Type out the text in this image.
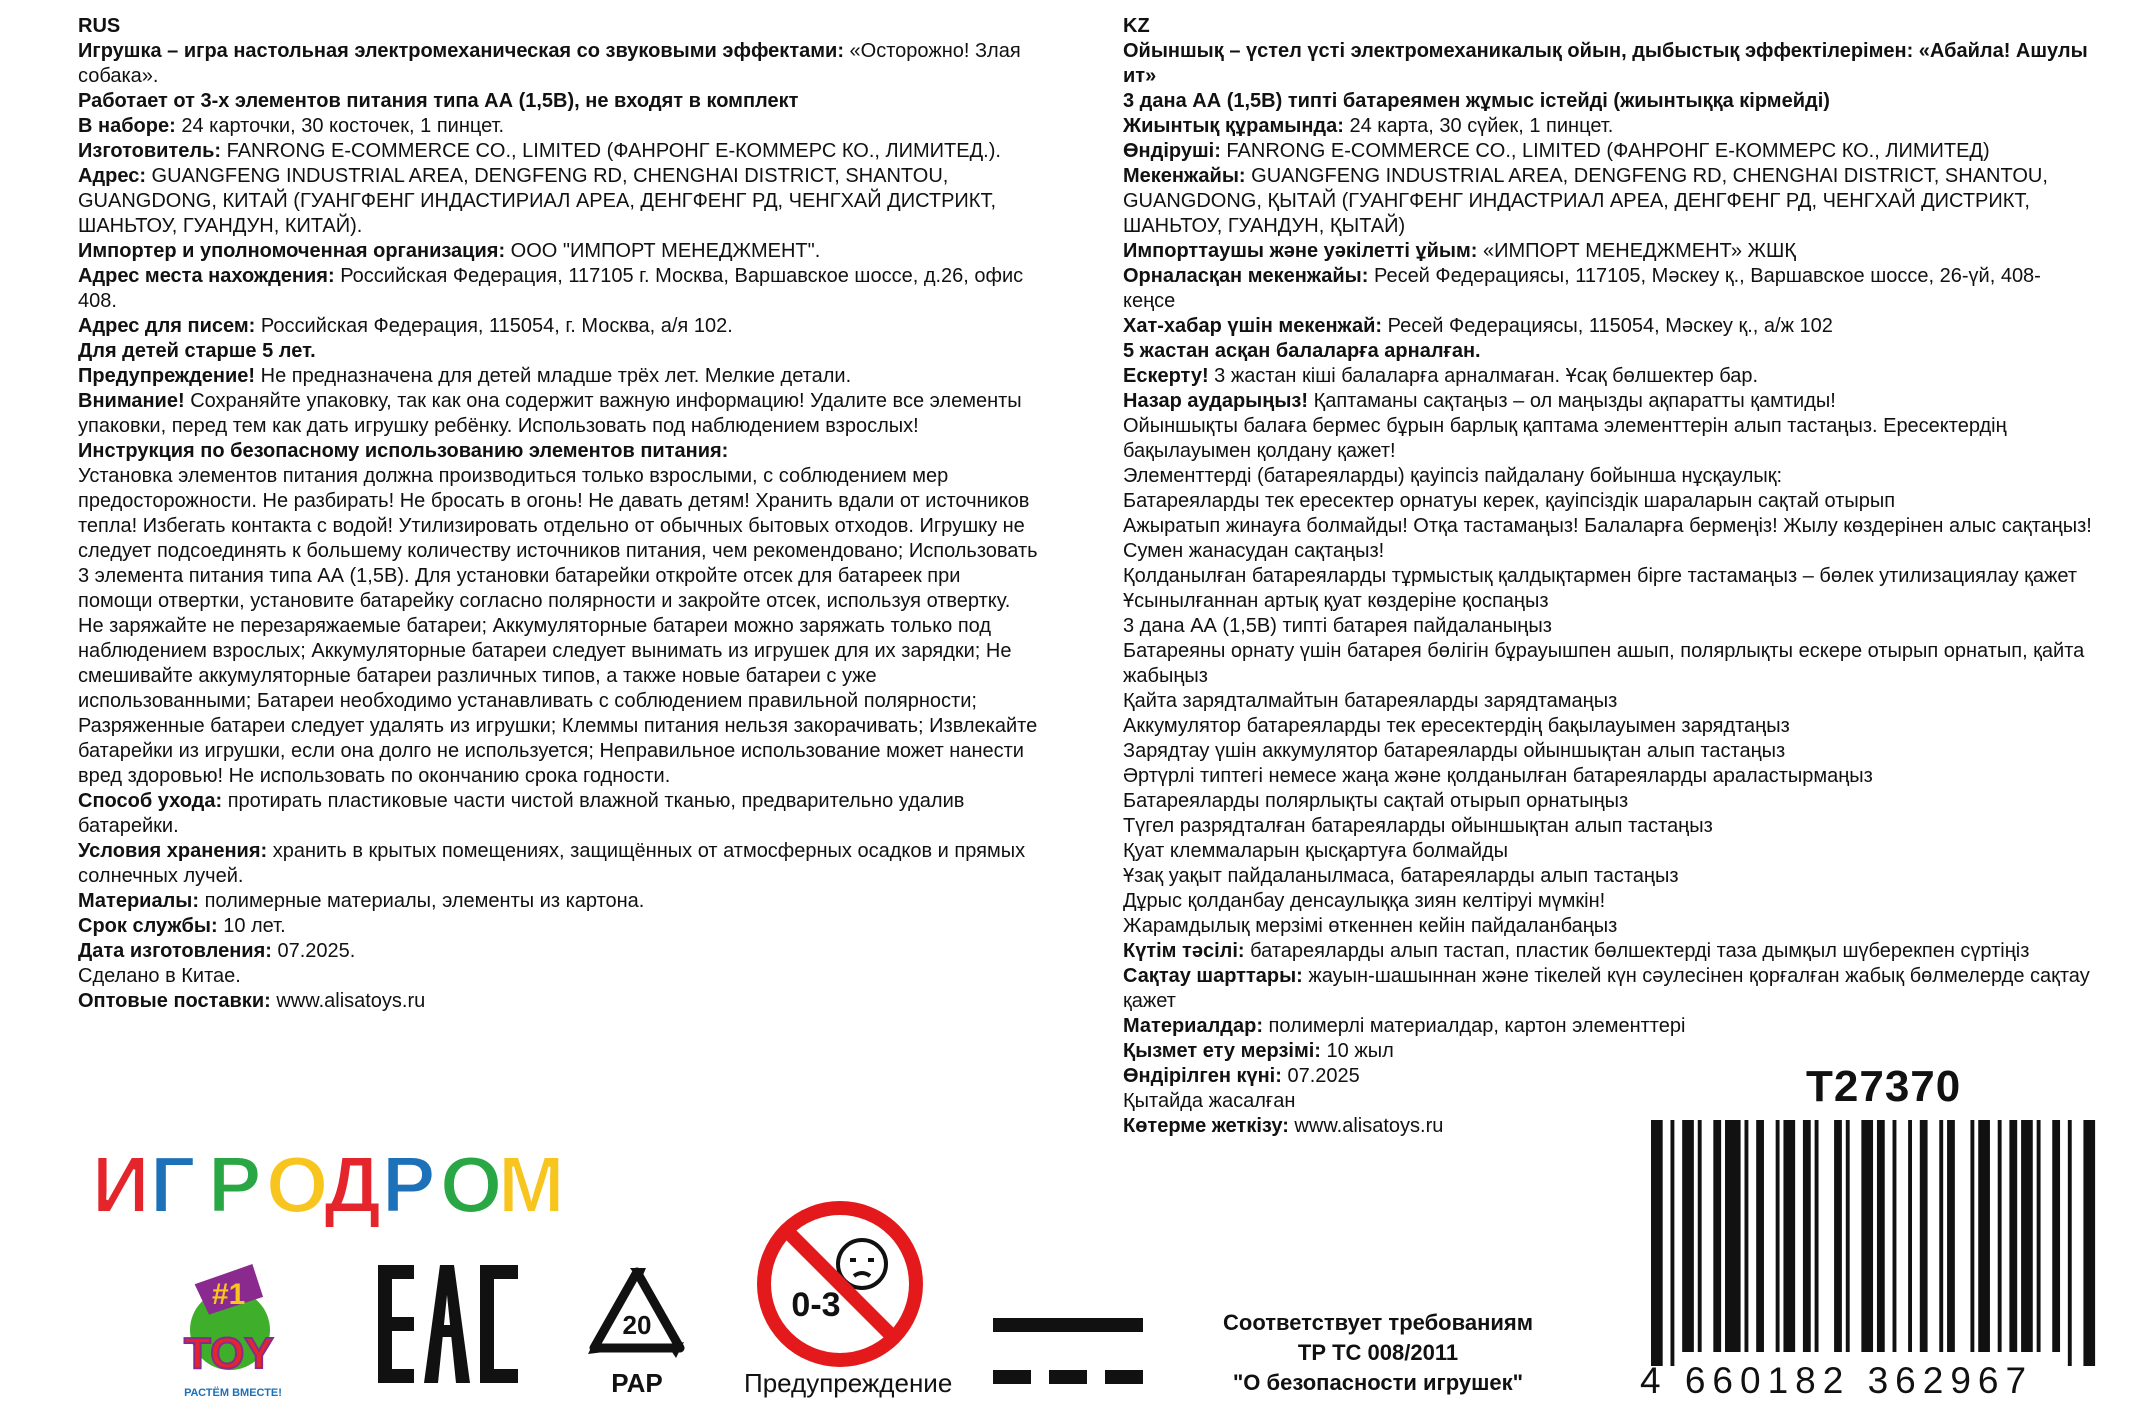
RUS

Игрушка – игра настольная электромеханическая со звуковыми эффектами: «Осторожно! Злая собака».

Работает от 3-х элементов питания типа АА (1,5В), не входят в комплект

В наборе: 24 карточки, 30 косточек, 1 пинцет.

Изготовитель: FANRONG E-COMMERCE CO., LIMITED (ФАНРОНГ Е-КОММЕРС КО., ЛИМИТЕД.).

Адрес: GUANGFENG INDUSTRIAL AREA, DENGFENG RD, CHENGHAI DISTRICT, SHANTOU, GUANGDONG, КИТАЙ (ГУАНГФЕНГ ИНДАСТИРИАЛ АРЕА, ДЕНГФЕНГ РД, ЧЕНГХАЙ ДИСТРИКТ, ШАНЬТОУ, ГУАНДУН, КИТАЙ).

Импортер и уполномоченная организация: ООО "ИМПОРТ МЕНЕДЖМЕНТ".

Адрес места нахождения: Российская Федерация, 117105 г. Москва, Варшавское шоссе, д.26, офис 408.

Адрес для писем: Российская Федерация, 115054, г. Москва, а/я 102.

Для детей старше 5 лет.

Предупреждение! Не предназначена для детей младше трёх лет. Мелкие детали.

Внимание! Сохраняйте упаковку, так как она содержит важную информацию! Удалите все элементы упаковки, перед тем как дать игрушку ребёнку. Использовать под наблюдением взрослых!

Инструкция по безопасному использованию элементов питания:

Установка элементов питания должна производиться только взрослыми, с соблюдением мер предосторожности. Не разбирать! Не бросать в огонь! Не давать детям! Хранить вдали от источников тепла! Избегать контакта с водой! Утилизировать отдельно от обычных бытовых отходов. Игрушку не следует подсоединять к большему количеству источников питания, чем рекомендовано; Использовать 3 элемента питания типа АА (1,5В). Для установки батарейки откройте отсек для батареек при помощи отвертки, установите батарейку согласно полярности и закройте отсек, используя отвертку. Не заряжайте не перезаряжаемые батареи; Аккумуляторные батареи можно заряжать только под наблюдением взрослых; Аккумуляторные батареи следует вынимать из игрушек для их зарядки; Не смешивайте аккумуляторные батареи различных типов, а также новые батареи с уже использованными; Батареи необходимо устанавливать с соблюдением правильной полярности; Разряженные батареи следует удалять из игрушки; Клеммы питания нельзя закорачивать; Извлекайте батарейки из игрушки, если она долго не используется; Неправильное использование может нанести вред здоровью! Не использовать по окончанию срока годности.

Способ ухода: протирать пластиковые части чистой влажной тканью, предварительно удалив батарейки.

Условия хранения: хранить в крытых помещениях, защищённых от атмосферных осадков и прямых солнечных лучей.

Материалы: полимерные материалы, элементы из картона.

Срок службы: 10 лет.

Дата изготовления: 07.2025.

Сделано в Китае.

Оптовые поставки: www.alisatoys.ru

KZ

Ойыншық – үстел үсті электромеханикалық ойын, дыбыстық эффектілерімен: «Абайла! Ашулы ит»

3 дана АА (1,5В) типті батареямен жұмыс істейді (жиынтыққа кірмейді)

Жиынтық құрамында: 24 карта, 30 сүйек, 1 пинцет.

Өндіруші: FANRONG E-COMMERCE CO., LIMITED (ФАНРОНГ Е-КОММЕРС КО., ЛИМИТЕД)

Мекенжайы: GUANGFENG INDUSTRIAL AREA, DENGFENG RD, CHENGHAI DISTRICT, SHANTOU, GUANGDONG, ҚЫТАЙ (ГУАНГФЕНГ ИНДАСТРИАЛ АРЕА, ДЕНГФЕНГ РД, ЧЕНГХАЙ ДИСТРИКТ, ШАНЬТОУ, ГУАНДУН, ҚЫТАЙ)

Импорттаушы және уәкілетті ұйым: «ИМПОРТ МЕНЕДЖМЕНТ» ЖШҚ

Орналасқан мекенжайы: Ресей Федерациясы, 117105, Мәскеу қ., Варшавское шоссе, 26-үй, 408-кеңсе

Хат-хабар үшін мекенжай: Ресей Федерациясы, 115054, Мәскеу қ., а/ж 102

5 жастан асқан балаларға арналған.

Ескерту! 3 жастан кіші балаларға арналмаған. Ұсақ бөлшектер бар.

Назар аударыңыз! Қаптаманы сақтаңыз – ол маңызды ақпаратты қамтиды!

Ойыншықты балаға бермес бұрын барлық қаптама элементтерін алып тастаңыз. Ересектердің бақылауымен қолдану қажет!

Элементтерді (батареяларды) қауіпсіз пайдалану бойынша нұсқаулық:

Батареяларды тек ересектер орнатуы керек, қауіпсіздік шараларын сақтай отырып

Ажыратып жинауға болмайды! Отқа тастамаңыз! Балаларға бермеңіз! Жылу көздерінен алыс сақтаңыз! Сумен жанасудан сақтаңыз!

Қолданылған батареяларды тұрмыстық қалдықтармен бірге тастамаңыз – бөлек утилизациялау қажет

Ұсынылғаннан артық қуат көздеріне қоспаңыз

3 дана АА (1,5В) типті батарея пайдаланыңыз

Батареяны орнату үшін батарея бөлігін бұрауышпен ашып, полярлықты ескере отырып орнатып, қайта жабыңыз

Қайта зарядталмайтын батареяларды зарядтамаңыз

Аккумулятор батареяларды тек ересектердің бақылауымен зарядтаңыз

Зарядтау үшін аккумулятор батареяларды ойыншықтан алып тастаңыз

Әртүрлі типтегі немесе жаңа және қолданылған батареяларды араластырмаңыз

Батареяларды полярлықты сақтай отырып орнатыңыз

Түгел разрядталған батареяларды ойыншықтан алып тастаңыз

Қуат клеммаларын қысқартуға болмайды

Ұзақ уақыт пайдаланылмаса, батареяларды алып тастаңыз

Дұрыс қолданбау денсаулыққа зиян келтіруі мүмкін!

Жарамдылық мерзімі өткеннен кейін пайдаланбаңыз

Күтім тәсілі: батареяларды алып тастап, пластик бөлшектерді таза дымқыл шүберекпен сүртіңіз

Сақтау шарттары: жауын-шашыннан және тікелей күн сәулесінен қорғалған жабық бөлмелерде сақтау қажет

Материалдар: полимерлі материалдар, картон элементтері

Қызмет ету мерзімі: 10 жыл

Өндірілген күні: 07.2025

Қытайда жасалған

Көтерме жеткізу: www.alisatoys.ru

T27370
4 660182 362967
И Г Р О
Д Р О
М
#1
TOY
РАСТЁМ ВМЕСТЕ!
20
PAP
0-3
Предупреждение
Соответствует требованиям
ТР ТС 008/2011
"О безопасности игрушек"
